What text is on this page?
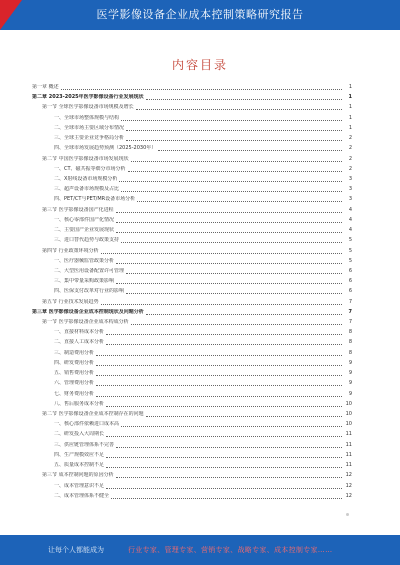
医学影像设备企业成本控制策略研究报告
内容目录
第一章 概述	1
第二章 2023-2025年医学影像设备行业发展现状	1
第一节 全球医学影像设备市场规模及增长	1
一、全球市场整体规模与结构	1
二、全球市场主要区域分布情况	1
三、全球主要企业竞争格局分析	2
四、全球市场发展趋势预测（2025-2030年）	2
第二节 中国医学影像设备市场发展现状	2
一、CT、磁共振等细分市场分析	2
二、X射线设备市场规模分析	3
三、超声设备市场规模及占比	3
四、PET/CT与PET/MR设备市场分析	3
第三节 医学影像设备国产化进程	4
一、核心零部件国产化情况	4
二、主要国产企业发展现状	4
三、进口替代趋势与政策支持	5
第四节 行业政策环境分析	5
一、医疗器械监管政策分析	5
二、大型医用设备配置许可管理	6
三、集中带量采购政策影响	6
四、医保支付改革对行业的影响	6
第五节 行业技术发展趋势	7
第三章 医学影像设备企业成本控制现状及问题分析	7
第一节 医学影像设备企业成本构成分析	7
一、直接材料成本分析	8
二、直接人工成本分析	8
三、制造费用分析	8
四、研发费用分析	9
五、销售费用分析	9
六、管理费用分析	9
七、财务费用分析	9
八、售后服务成本分析	10
第二节 医学影像设备企业成本控制存在的问题	10
一、核心部件依赖进口成本高	10
二、研发投入大周期长	11
三、供应链管理体系不完善	11
四、生产规模效应不足	11
五、质量成本控制不足	11
第三节 成本控制问题的原因分析	12
一、成本管理意识不足	12
二、成本管理体系不健全	12
让每个人都能成为	行业专家、管理专家、营销专家、战略专家、成本控制专家……
